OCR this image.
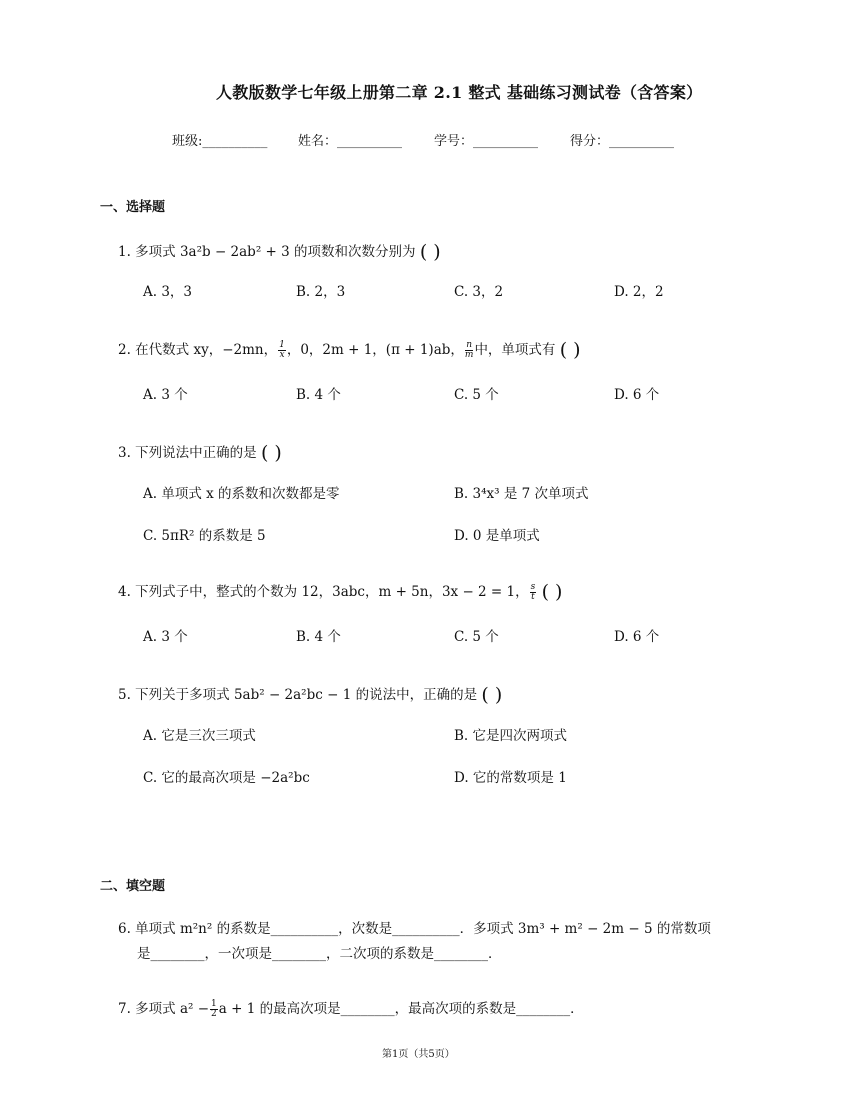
人教版数学七年级上册第二章 2.1 整式 基础练习测试卷（含答案）
班级:__________ 姓名：__________ 学号：__________ 得分：__________
一、选择题
1. 多项式 3a²b − 2ab² + 3 的项数和次数分别为 ( )
A. 3，3	B. 2，3	C. 3，2	D. 2，2
2. 在代数式 xy，−2mn， $\frac{1}{x}$ ，0，2m + 1，(π + 1)ab， $\frac{n}{m}$ 中，单项式有 ( )
A. 3 个	B. 4 个	C. 5 个	D. 6 个
3. 下列说法中正确的是 ( )
A. 单项式 x 的系数和次数都是零	B. 3⁴x³ 是 7 次单项式
C. 5πR² 的系数是 5	D. 0 是单项式
4. 下列式子中，整式的个数为 12，3abc，m + 5n，3x − 2 = 1， $\frac{s}{t}$ ( )
A. 3 个	B. 4 个	C. 5 个	D. 6 个
5. 下列关于多项式 5ab² − 2a²bc − 1 的说法中，正确的是 ( )
A. 它是三次三项式	B. 它是四次两项式
C. 它的最高次项是 −2a²bc	D. 它的常数项是 1
二、填空题
6. 单项式 m²n² 的系数是__________，次数是__________．多项式 3m³ + m² − 2m − 5 的常数项
是________，一次项是________，二次项的系数是________．
7. 多项式 $a^2 - \frac{1}{2}$ a + 1 的最高次项是________，最高次项的系数是________．
第1页（共5页）
